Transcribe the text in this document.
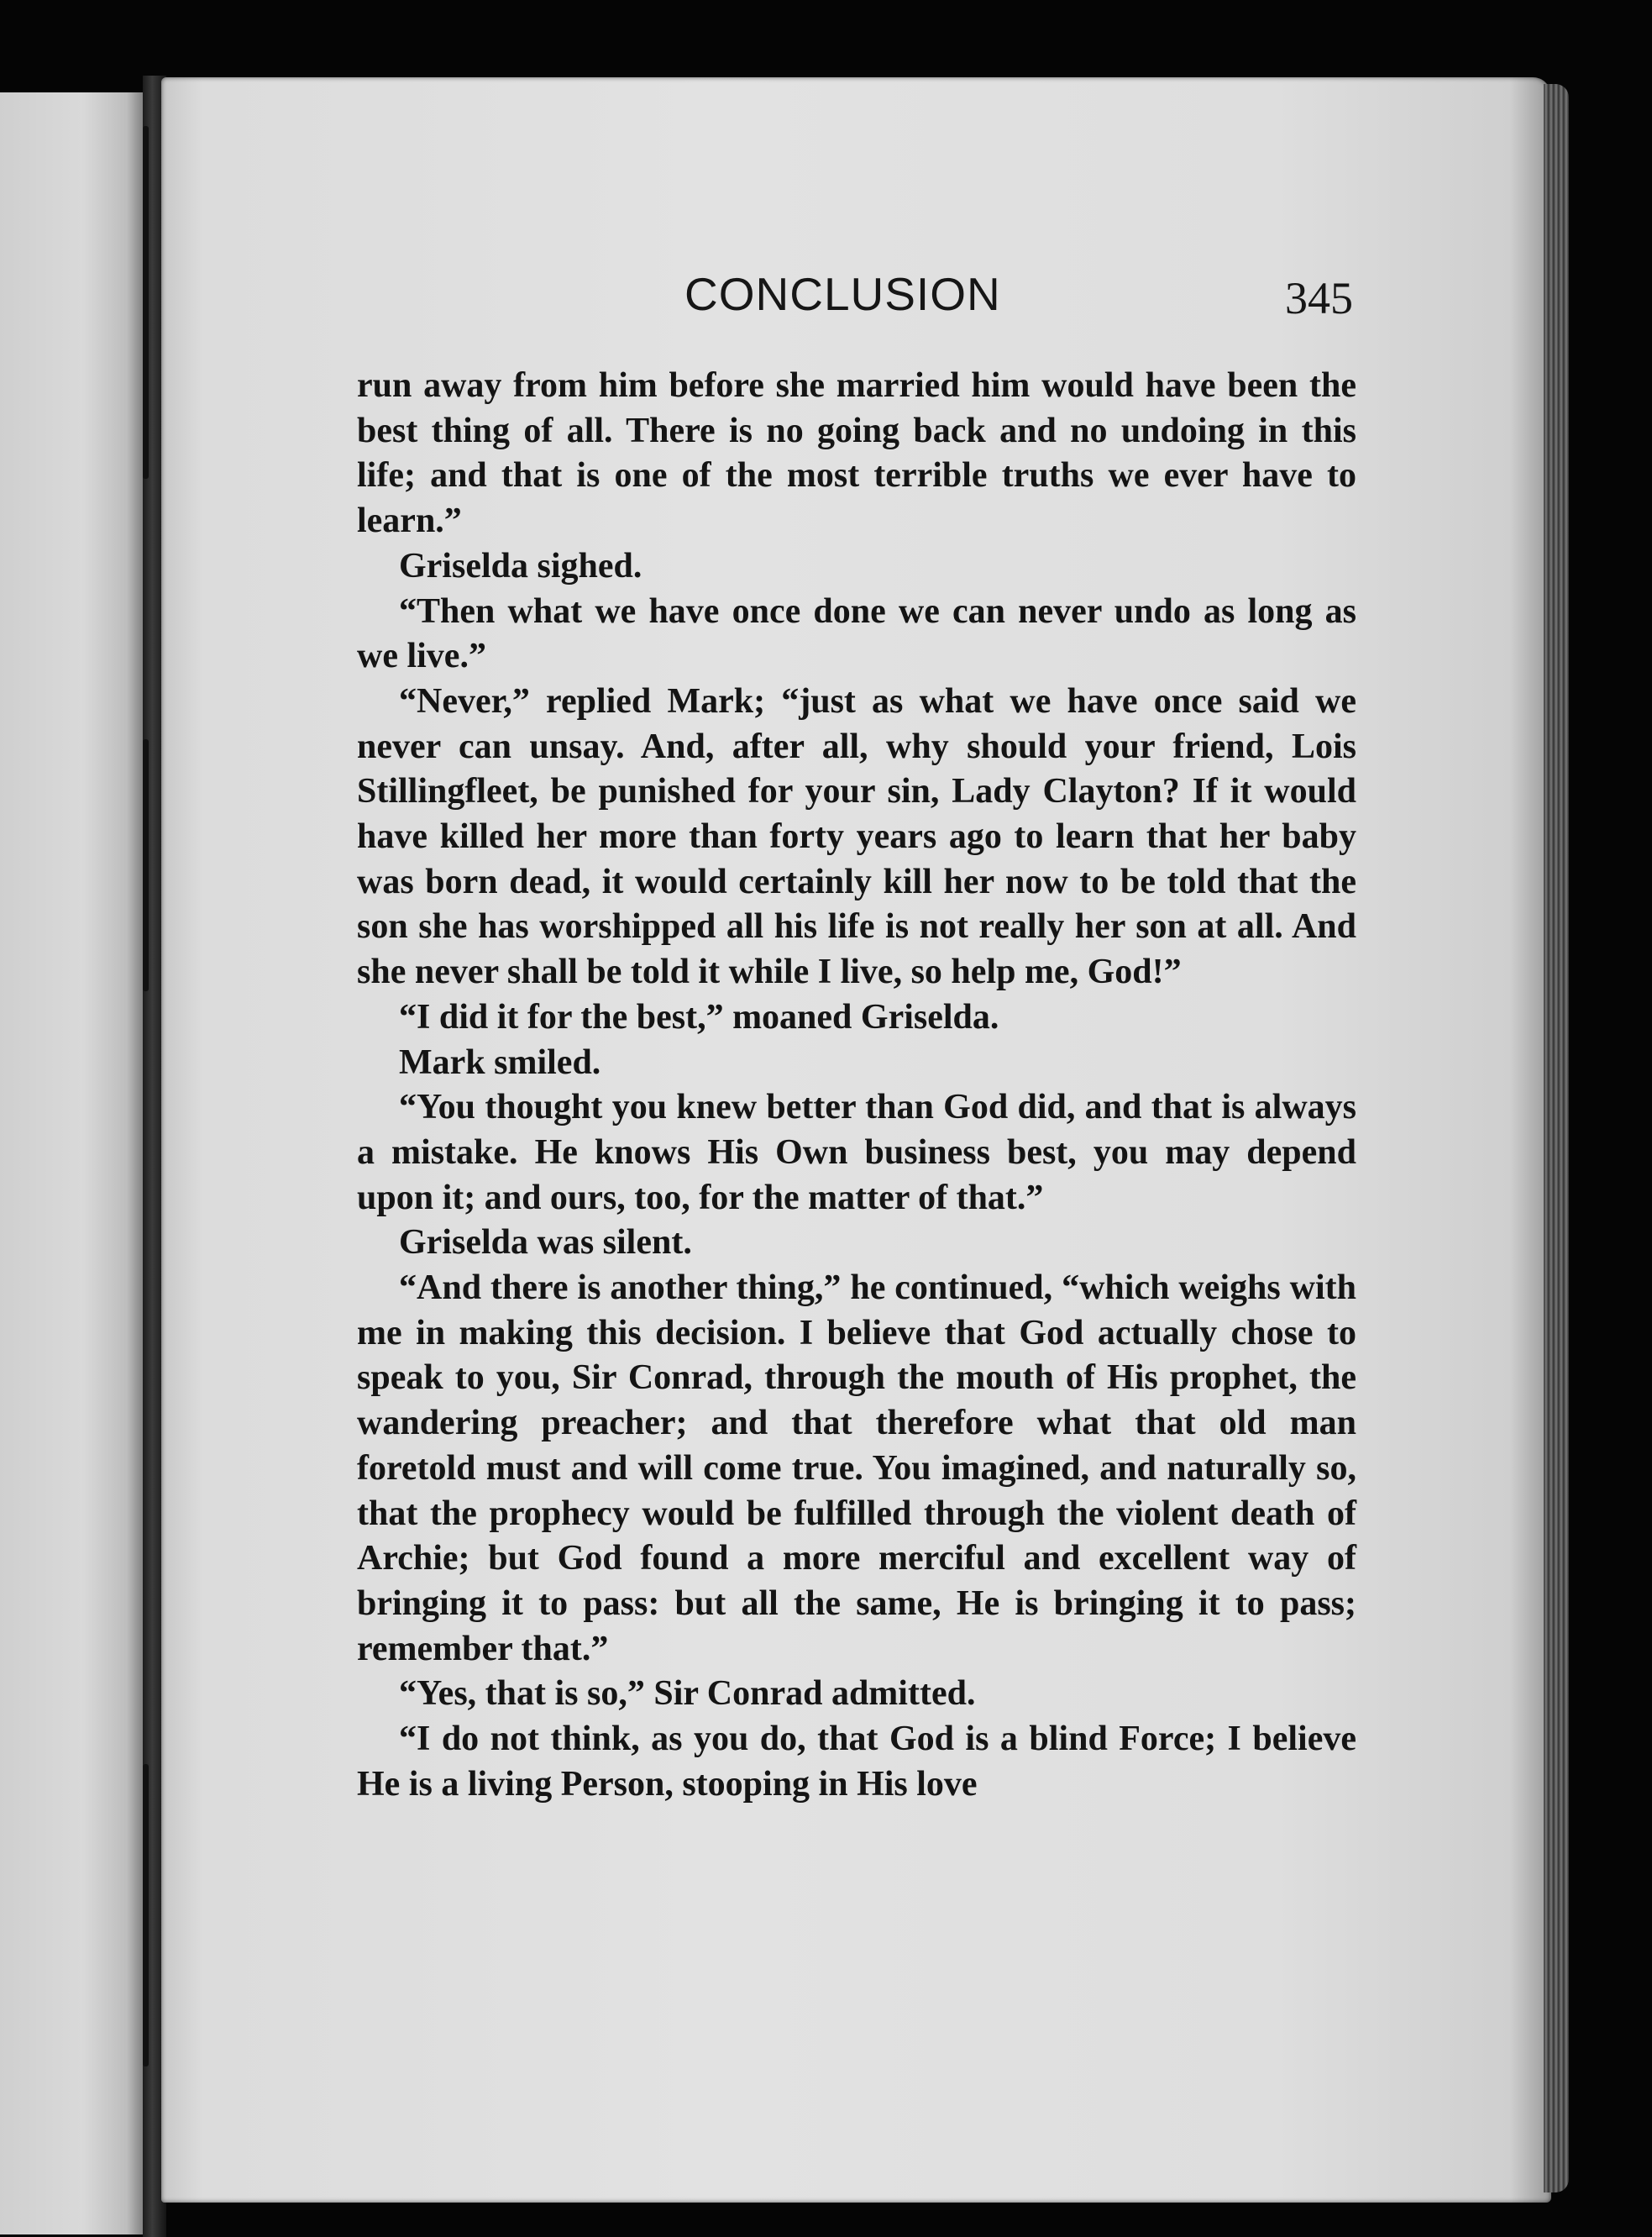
CONCLUSION	345

run away from him before she married him would have been the best thing of all. There is no going back and no undoing in this life; and that is one of the most terrible truths we ever have to learn.”

Griselda sighed.

“Then what we have once done we can never undo as long as we live.”

“Never,” replied Mark; “just as what we have once said we never can unsay. And, after all, why should your friend, Lois Stillingfleet, be punished for your sin, Lady Clayton? If it would have killed her more than forty years ago to learn that her baby was born dead, it would certainly kill her now to be told that the son she has worshipped all his life is not really her son at all. And she never shall be told it while I live, so help me, God!”

“I did it for the best,” moaned Griselda.

Mark smiled.

“You thought you knew better than God did, and that is always a mistake. He knows His Own business best, you may depend upon it; and ours, too, for the matter of that.”

Griselda was silent.

“And there is another thing,” he continued, “which weighs with me in making this decision. I believe that God actually chose to speak to you, Sir Conrad, through the mouth of His prophet, the wandering preacher; and that therefore what that old man foretold must and will come true. You imagined, and naturally so, that the prophecy would be fulfilled through the violent death of Archie; but God found a more merciful and excellent way of bringing it to pass: but all the same, He is bringing it to pass; remember that.”

“Yes, that is so,” Sir Conrad admitted.

“I do not think, as you do, that God is a blind Force; I believe He is a living Person, stooping in His love
